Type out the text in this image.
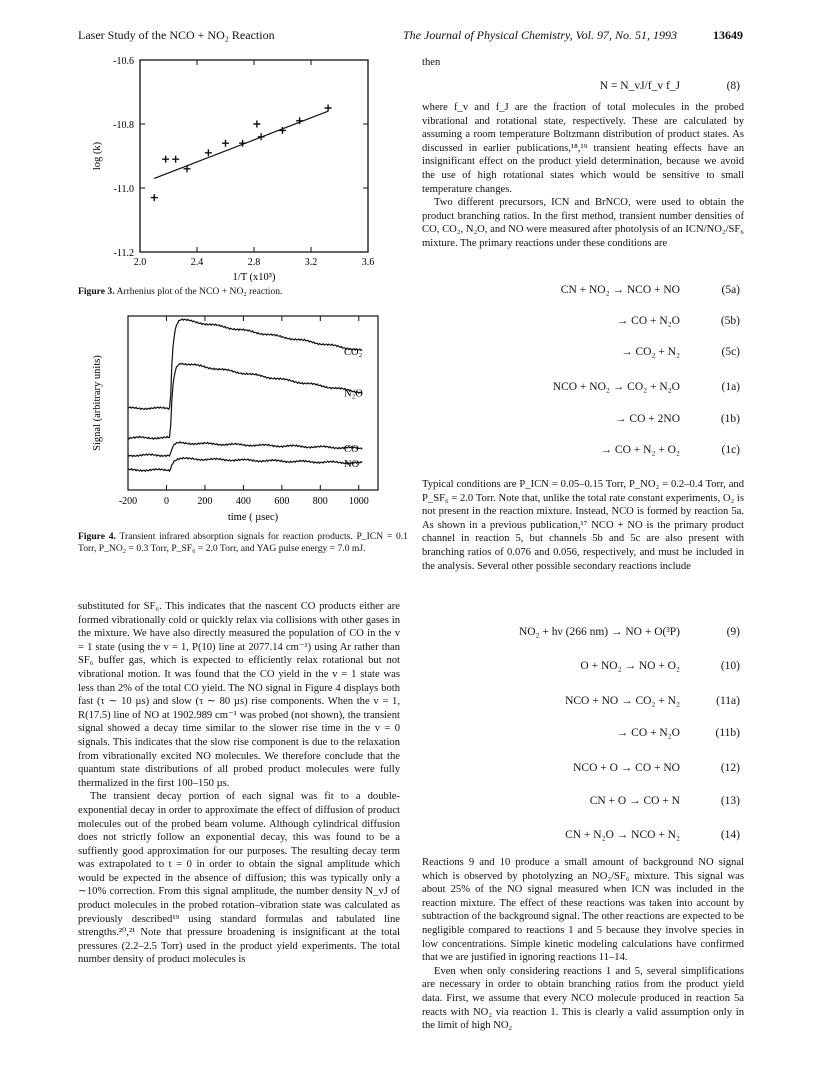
Laser Study of the NCO + NO₂ Reaction	The Journal of Physical Chemistry, Vol. 97, No. 51, 1993	13649
2.0	2.4	2.8	3.2	3.6
-10.6
-10.8
-11.0
-11.2
1/T (x10³)
log (k)
Figure 3. Arrhenius plot of the NCO + NO₂ reaction.
-200	0	200 400 600 800 1000
CO₂
N₂O
CO
NO
time ( µsec)
Signal (arbitrary units)
Figure 4. Transient infrared absorption signals for reaction products. P_ICN = 0.1 Torr, P_NO₂ = 0.3 Torr, P_SF₆ = 2.0 Torr, and YAG pulse energy = 7.0 mJ.

substituted for SF₆. This indicates that the nascent CO products either are formed vibrationally cold or quickly relax via collisions with other gases in the mixture. We have also directly measured the population of CO in the v = 1 state (using the v = 1, P(10) line at 2077.14 cm⁻¹) using Ar rather than SF₆ buffer gas, which is expected to efficiently relax rotational but not vibrational motion. It was found that the CO yield in the v = 1 state was less than 2% of the total CO yield. The NO signal in Figure 4 displays both fast (τ ∼ 10 µs) and slow (τ ∼ 80 µs) rise components. When the v = 1, R(17.5) line of NO at 1902.989 cm⁻¹ was probed (not shown), the transient signal showed a decay time similar to the slower rise time in the v = 0 signals. This indicates that the slow rise component is due to the relaxation from vibrationally excited NO molecules. We therefore conclude that the quantum state distributions of all probed product molecules were fully thermalized in the first 100–150 µs.

The transient decay portion of each signal was fit to a double-exponential decay in order to approximate the effect of diffusion of product molecules out of the probed beam volume. Although cylindrical diffusion does not strictly follow an exponential decay, this was found to be a suffiently good approximation for our purposes. The resulting decay term was extrapolated to t = 0 in order to obtain the signal amplitude which would be expected in the absence of diffusion; this was typically only a ∼10% correction. From this signal amplitude, the number density N_vJ of product molecules in the probed rotation–vibration state was calculated as previously described¹⁹ using standard formulas and tabulated line strengths.²⁰,²¹ Note that pressure broadening is insignificant at the total pressures (2.2–2.5 Torr) used in the product yield experiments. The total number density of product molecules is

then
N = N_vJ/f_v f_J	(8)

where f_v and f_J are the fraction of total molecules in the probed vibrational and rotational state, respectively. These are calculated by assuming a room temperature Boltzmann distribution of product states. As discussed in earlier publications,¹⁸,¹⁹ transient heating effects have an insignificant effect on the product yield determination, because we avoid the use of high rotational states which would be sensitive to small temperature changes.

Two different precursors, ICN and BrNCO, were used to obtain the product branching ratios. In the first method, transient number densities of CO, CO₂, N₂O, and NO were measured after photolysis of an ICN/NO₂/SF₆ mixture. The primary reactions under these conditions are

CN + NO₂ → NCO + NO	(5a)
→ CO + N₂O	(5b)
→ CO₂ + N₂	(5c)
NCO + NO₂ → CO₂ + N₂O	(1a)
→ CO + 2NO	(1b)
→ CO + N₂ + O₂	(1c)
Typical conditions are P_ICN = 0.05–0.15 Torr, P_NO₂ = 0.2–0.4 Torr, and P_SF₆ = 2.0 Torr. Note that, unlike the total rate constant experiments, O₂ is not present in the reaction mixture. Instead, NCO is formed by reaction 5a. As shown in a previous publication,¹⁷ NCO + NO is the primary product channel in reaction 5, but channels 5b and 5c are also present with branching ratios of 0.076 and 0.056, respectively, and must be included in the analysis. Several other possible secondary reactions include
NO₂ + hν (266 nm) → NO + O(³P)	(9)
O + NO₂ → NO + O₂	(10)
NCO + NO → CO₂ + N₂	(11a)
→ CO + N₂O	(11b)
NCO + O → CO + NO	(12)
CN + O → CO + N	(13)
CN + N₂O → NCO + N₂	(14)

Reactions 9 and 10 produce a small amount of background NO signal which is observed by photolyzing an NO₂/SF₆ mixture. This signal was about 25% of the NO signal measured when ICN was included in the reaction mixture. The effect of these reactions was taken into account by subtraction of the background signal. The other reactions are expected to be negligible compared to reactions 1 and 5 because they involve species in low concentrations. Simple kinetic modeling calculations have confirmed that we are justified in ignoring reactions 11–14.

Even when only considering reactions 1 and 5, several simplifications are necessary in order to obtain branching ratios from the product yield data. First, we assume that every NCO molecule produced in reaction 5a reacts with NO₂ via reaction 1. This is clearly a valid assumption only in the limit of high NO₂
